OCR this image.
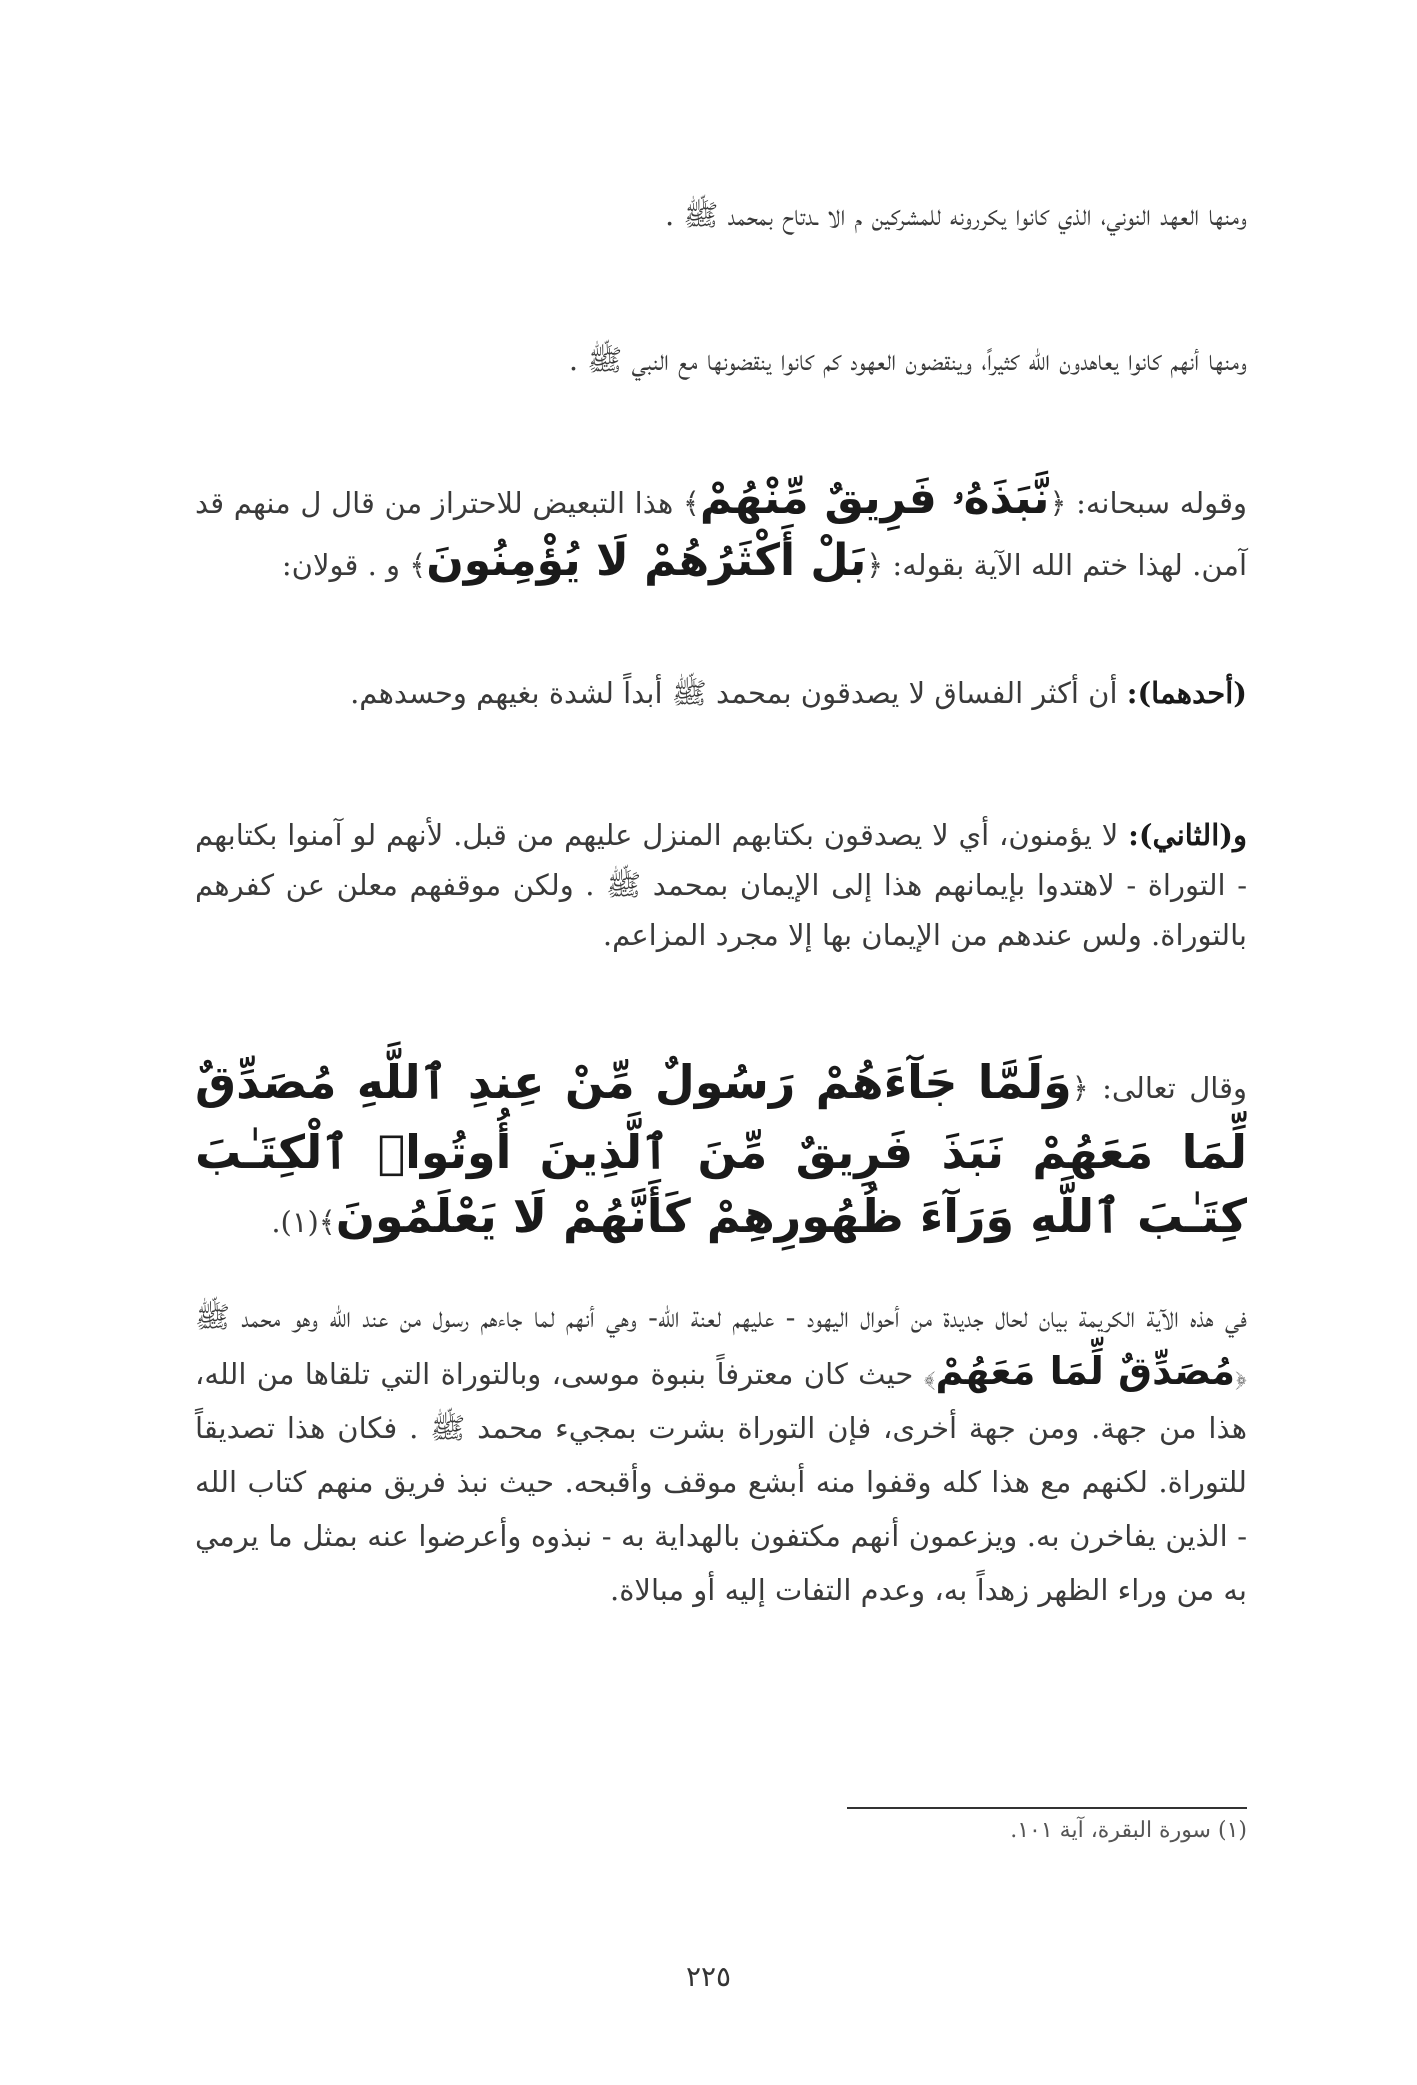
ومنها العهد النوني، الذي كانوا يكررونه للمشركين م الا ـدتاح بمحمد ﷺ .

ومنها أنهم كانوا يعاهدون الله كثيراً، وينقضون العهود كم كانوا ينقضونها مع النبي ﷺ .

وقوله سبحانه: ﴿نَّبَذَهُۥ فَرِيقٌ مِّنْهُمْ﴾ هذا التبعيض للاحتراز من قال ل منهم قد آمن. لهذا ختم الله الآية بقوله: ﴿بَلْ أَكْثَرُهُمْ لَا يُؤْمِنُونَ﴾ و . قولان:

(أحدهما): أن أكثر الفساق لا يصدقون بمحمد ﷺ أبداً لشدة بغيهم وحسدهم.

و(الثاني): لا يؤمنون، أي لا يصدقون بكتابهم المنزل عليهم من قبل. لأنهم لو آمنوا بكتابهم - التوراة - لاهتدوا بإيمانهم هذا إلى الإيمان بمحمد ﷺ . ولكن موقفهم معلن عن كفرهم بالتوراة. ولس عندهم من الإيمان بها إلا مجرد المزاعم.

وقال تعالى: ﴿وَلَمَّا جَآءَهُمْ رَسُولٌ مِّنْ عِندِ ٱللَّهِ مُصَدِّقٌ لِّمَا مَعَهُمْ نَبَذَ فَرِيقٌ مِّنَ ٱلَّذِينَ أُوتُوا۟ ٱلْكِتَـٰبَ كِتَـٰبَ ٱللَّهِ وَرَآءَ ظُهُورِهِمْ كَأَنَّهُمْ لَا يَعْلَمُونَ﴾(١).

في هذه الآية الكريمة بيان لحال جديدة من أحوال اليهود - عليهم لعنة الله- وهي أنهم لما جاءهم رسول من عند الله وهو محمد ﷺ ﴿مُصَدِّقٌ لِّمَا مَعَهُمْ﴾ حيث كان معترفاً بنبوة موسى، وبالتوراة التي تلقاها من الله، هذا من جهة. ومن جهة أخرى، فإن التوراة بشرت بمجيء محمد ﷺ . فكان هذا تصديقاً للتوراة. لكنهم مع هذا كله وقفوا منه أبشع موقف وأقبحه. حيث نبذ فريق منهم كتاب الله - الذين يفاخرن به. ويزعمون أنهم مكتفون بالهداية به - نبذوه وأعرضوا عنه بمثل ما يرمي به من وراء الظهر زهداً به، وعدم التفات إليه أو مبالاة.

(١) سورة البقرة، آية ١٠١.
٢٢٥
